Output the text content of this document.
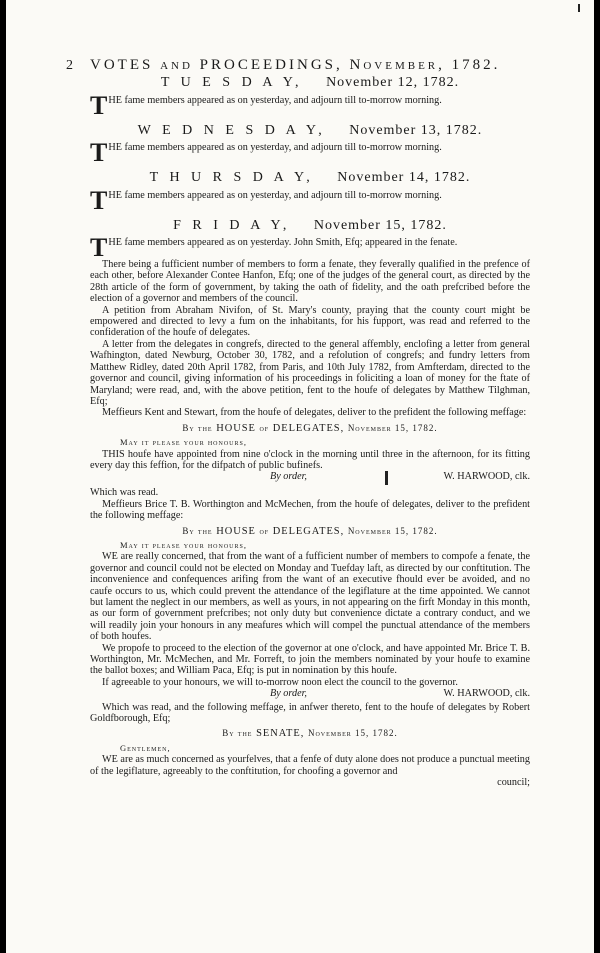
2	VOTES and PROCEEDINGS, November, 1782.
T U E S D A Y, November 12, 1782.
T HE fame members appeared as on yesterday, and adjourn till to-morrow morning.
W E D N E S D A Y, November 13, 1782.
T HE fame members appeared as on yesterday, and adjourn till to-morrow morning.
T H U R S D A Y, November 14, 1782.
T HE fame members appeared as on yesterday, and adjourn till to-morrow morning.
F R I D A Y, November 15, 1782.
T HE fame members appeared as on yesterday. John Smith, Efq; appeared in the fenate.

There being a fufficient number of members to form a fenate, they feverally qualified in the prefence of each other, before Alexander Contee Hanfon, Efq; one of the judges of the general court, as directed by the 28th article of the form of government, by taking the oath of fidelity, and the oath prefcribed before the election of a governor and members of the council.

A petition from Abraham Nivifon, of St. Mary's county, praying that the county court might be empowered and directed to levy a fum on the inhabitants, for his fupport, was read and referred to the confideration of the houfe of delegates.

A letter from the delegates in congrefs, directed to the general affembly, enclofing a letter from general Wafhington, dated Newburg, October 30, 1782, and a refolution of congrefs; and fundry letters from Matthew Ridley, dated 20th April 1782, from Paris, and 10th July 1782, from Amfterdam, directed to the governor and council, giving information of his proceedings in foliciting a loan of money for the ftate of Maryland; were read, and, with the above petition, fent to the houfe of delegates by Matthew Tilghman, Efq;

Meffieurs Kent and Stewart, from the houfe of delegates, deliver to the prefident the following meffage:

By the HOUSE of DELEGATES, November 15, 1782.
May it please your honours,

THIS houfe have appointed from nine o'clock in the morning until three in the afternoon, for its fitting every day this feffion, for the difpatch of public bufinefs.

By order,	W. HARWOOD, clk.

Which was read.

Meffieurs Brice T. B. Worthington and McMechen, from the houfe of delegates, deliver to the prefident the following meffage:

By the HOUSE of DELEGATES, November 15, 1782.
May it please your honours,

WE are really concerned, that from the want of a fufficient number of members to compofe a fenate, the governor and council could not be elected on Monday and Tuefday laft, as directed by our conftitution. The inconvenience and confequences arifing from the want of an executive fhould ever be avoided, and no caufe occurs to us, which could prevent the attendance of the legiflature at the time appointed. We cannot but lament the neglect in our members, as well as yours, in not appearing on the firft Monday in this month, as our form of government prefcribes; not only duty but convenience dictate a contrary conduct, and we will readily join your honours in any meafures which will compel the punctual attendance of the members of both houfes.

We propofe to proceed to the election of the governor at one o'clock, and have appointed Mr. Brice T. B. Worthington, Mr. McMechen, and Mr. Forreft, to join the members nominated by your houfe to examine the ballot boxes; and William Paca, Efq; is put in nomination by this houfe.

If agreeable to your honours, we will to-morrow noon elect the council to the governor.

By order,	W. HARWOOD, clk.

Which was read, and the following meffage, in anfwer thereto, fent to the houfe of delegates by Robert Goldfborough, Efq;

By the SENATE, November 15, 1782.
Gentlemen,

WE are as much concerned as yourfelves, that a fenfe of duty alone does not produce a punctual meeting of the legiflature, agreeably to the conftitution, for choofing a governor and

council;
